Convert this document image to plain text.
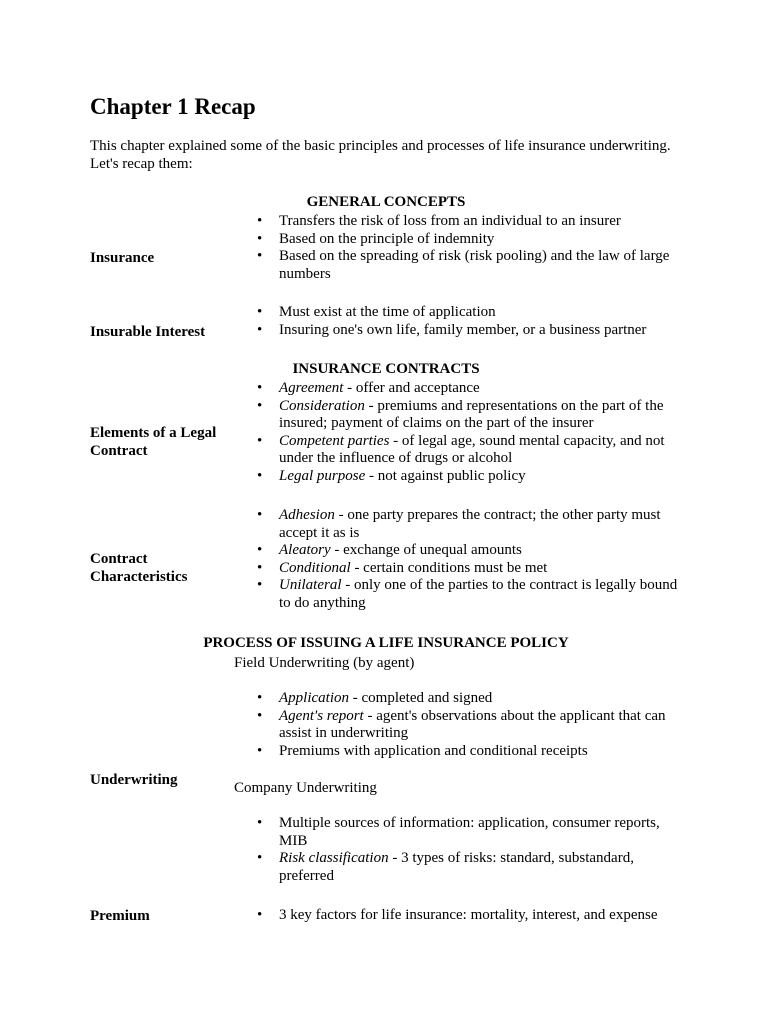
Chapter 1 Recap

This chapter explained some of the basic principles and processes of life insurance underwriting. Let's recap them:

GENERAL CONCEPTS
Insurance
• Transfers the risk of loss from an individual to an insurer
• Based on the principle of indemnity
• Based on the spreading of risk (risk pooling) and the law of large numbers
Insurable Interest
• Must exist at the time of application
• Insuring one's own life, family member, or a business partner
INSURANCE CONTRACTS
Elements of a Legal Contract
• Agreement - offer and acceptance
• Consideration - premiums and representations on the part of the insured; payment of claims on the part of the insurer
• Competent parties - of legal age, sound mental capacity, and not under the influence of drugs or alcohol
• Legal purpose - not against public policy
Contract Characteristics
• Adhesion - one party prepares the contract; the other party must accept it as is
• Aleatory - exchange of unequal amounts
• Conditional - certain conditions must be met
• Unilateral - only one of the parties to the contract is legally bound to do anything
PROCESS OF ISSUING A LIFE INSURANCE POLICY
Field Underwriting (by agent)
• Application - completed and signed
• Agent's report - agent's observations about the applicant that can assist in underwriting
• Premiums with application and conditional receipts
Underwriting	Company Underwriting
• Multiple sources of information: application, consumer reports, MIB
• Risk classification - 3 types of risks: standard, substandard, preferred
Premium
•	3 key factors for life insurance: mortality, interest, and expense
